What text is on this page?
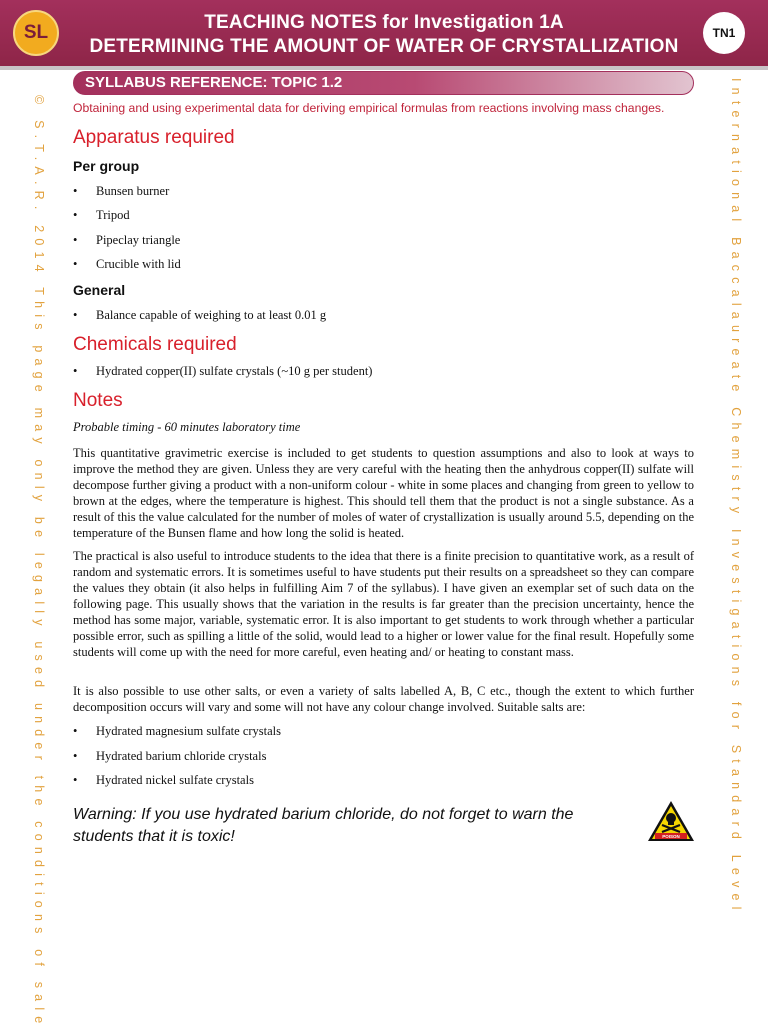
SL	TEACHING NOTES for Investigation 1A
DETERMINING THE AMOUNT OF WATER OF CRYSTALLIZATION
TN1
SYLLABUS REFERENCE: TOPIC 1.2
Obtaining and using experimental data for deriving empirical formulas from reactions involving mass changes.
Apparatus required
Per group
• Bunsen burner
• Tripod
• Pipeclay triangle
• Crucible with lid
General
• Balance capable of weighing to at least 0.01 g
Chemicals required
• Hydrated copper(II) sulfate crystals (~10 g per student)
Notes
Probable timing - 60 minutes laboratory time

This quantitative gravimetric exercise is included to get students to question assumptions and also to look at ways to improve the method they are given. Unless they are very careful with the heating then the anhydrous copper(II) sulfate will decompose further giving a product with a non-uniform colour - white in some places and changing from green to yellow to brown at the edges, where the temperature is highest. This should tell them that the product is not a single substance. As a result of this the value calculated for the number of moles of water of crystallization is usually around 5.5, depending on the temperature of the Bunsen flame and how long the solid is heated.

The practical is also useful to introduce students to the idea that there is a finite precision to quantitative work, as a result of random and systematic errors. It is sometimes useful to have students put their results on a spreadsheet so they can compare the values they obtain (it also helps in fulfilling Aim 7 of the syllabus). I have given an exemplar set of such data on the following page. This usually shows that the variation in the results is far greater than the precision uncertainty, hence the method has some major, variable, systematic error. It is also important to get students to work through whether a particular possible error, such as spilling a little of the solid, would lead to a higher or lower value for the final result. Hopefully some students will come up with the need for more careful, even heating and/ or heating to constant mass.

It is also possible to use other salts, or even a variety of salts labelled A, B, C etc., though the extent to which further decomposition occurs will vary and some will not have any colour change involved. Suitable salts are:

• Hydrated magnesium sulfate crystals
• Hydrated barium chloride crystals
• Hydrated nickel sulfate crystals
Warning: If you use hydrated barium chloride, do not forget to warn the students that it is toxic!	POISON
© S.T.A.R. 2014 This page may only be legally used under the conditions of sale	International Baccalaureate Chemistry Investigations for Standard Level
